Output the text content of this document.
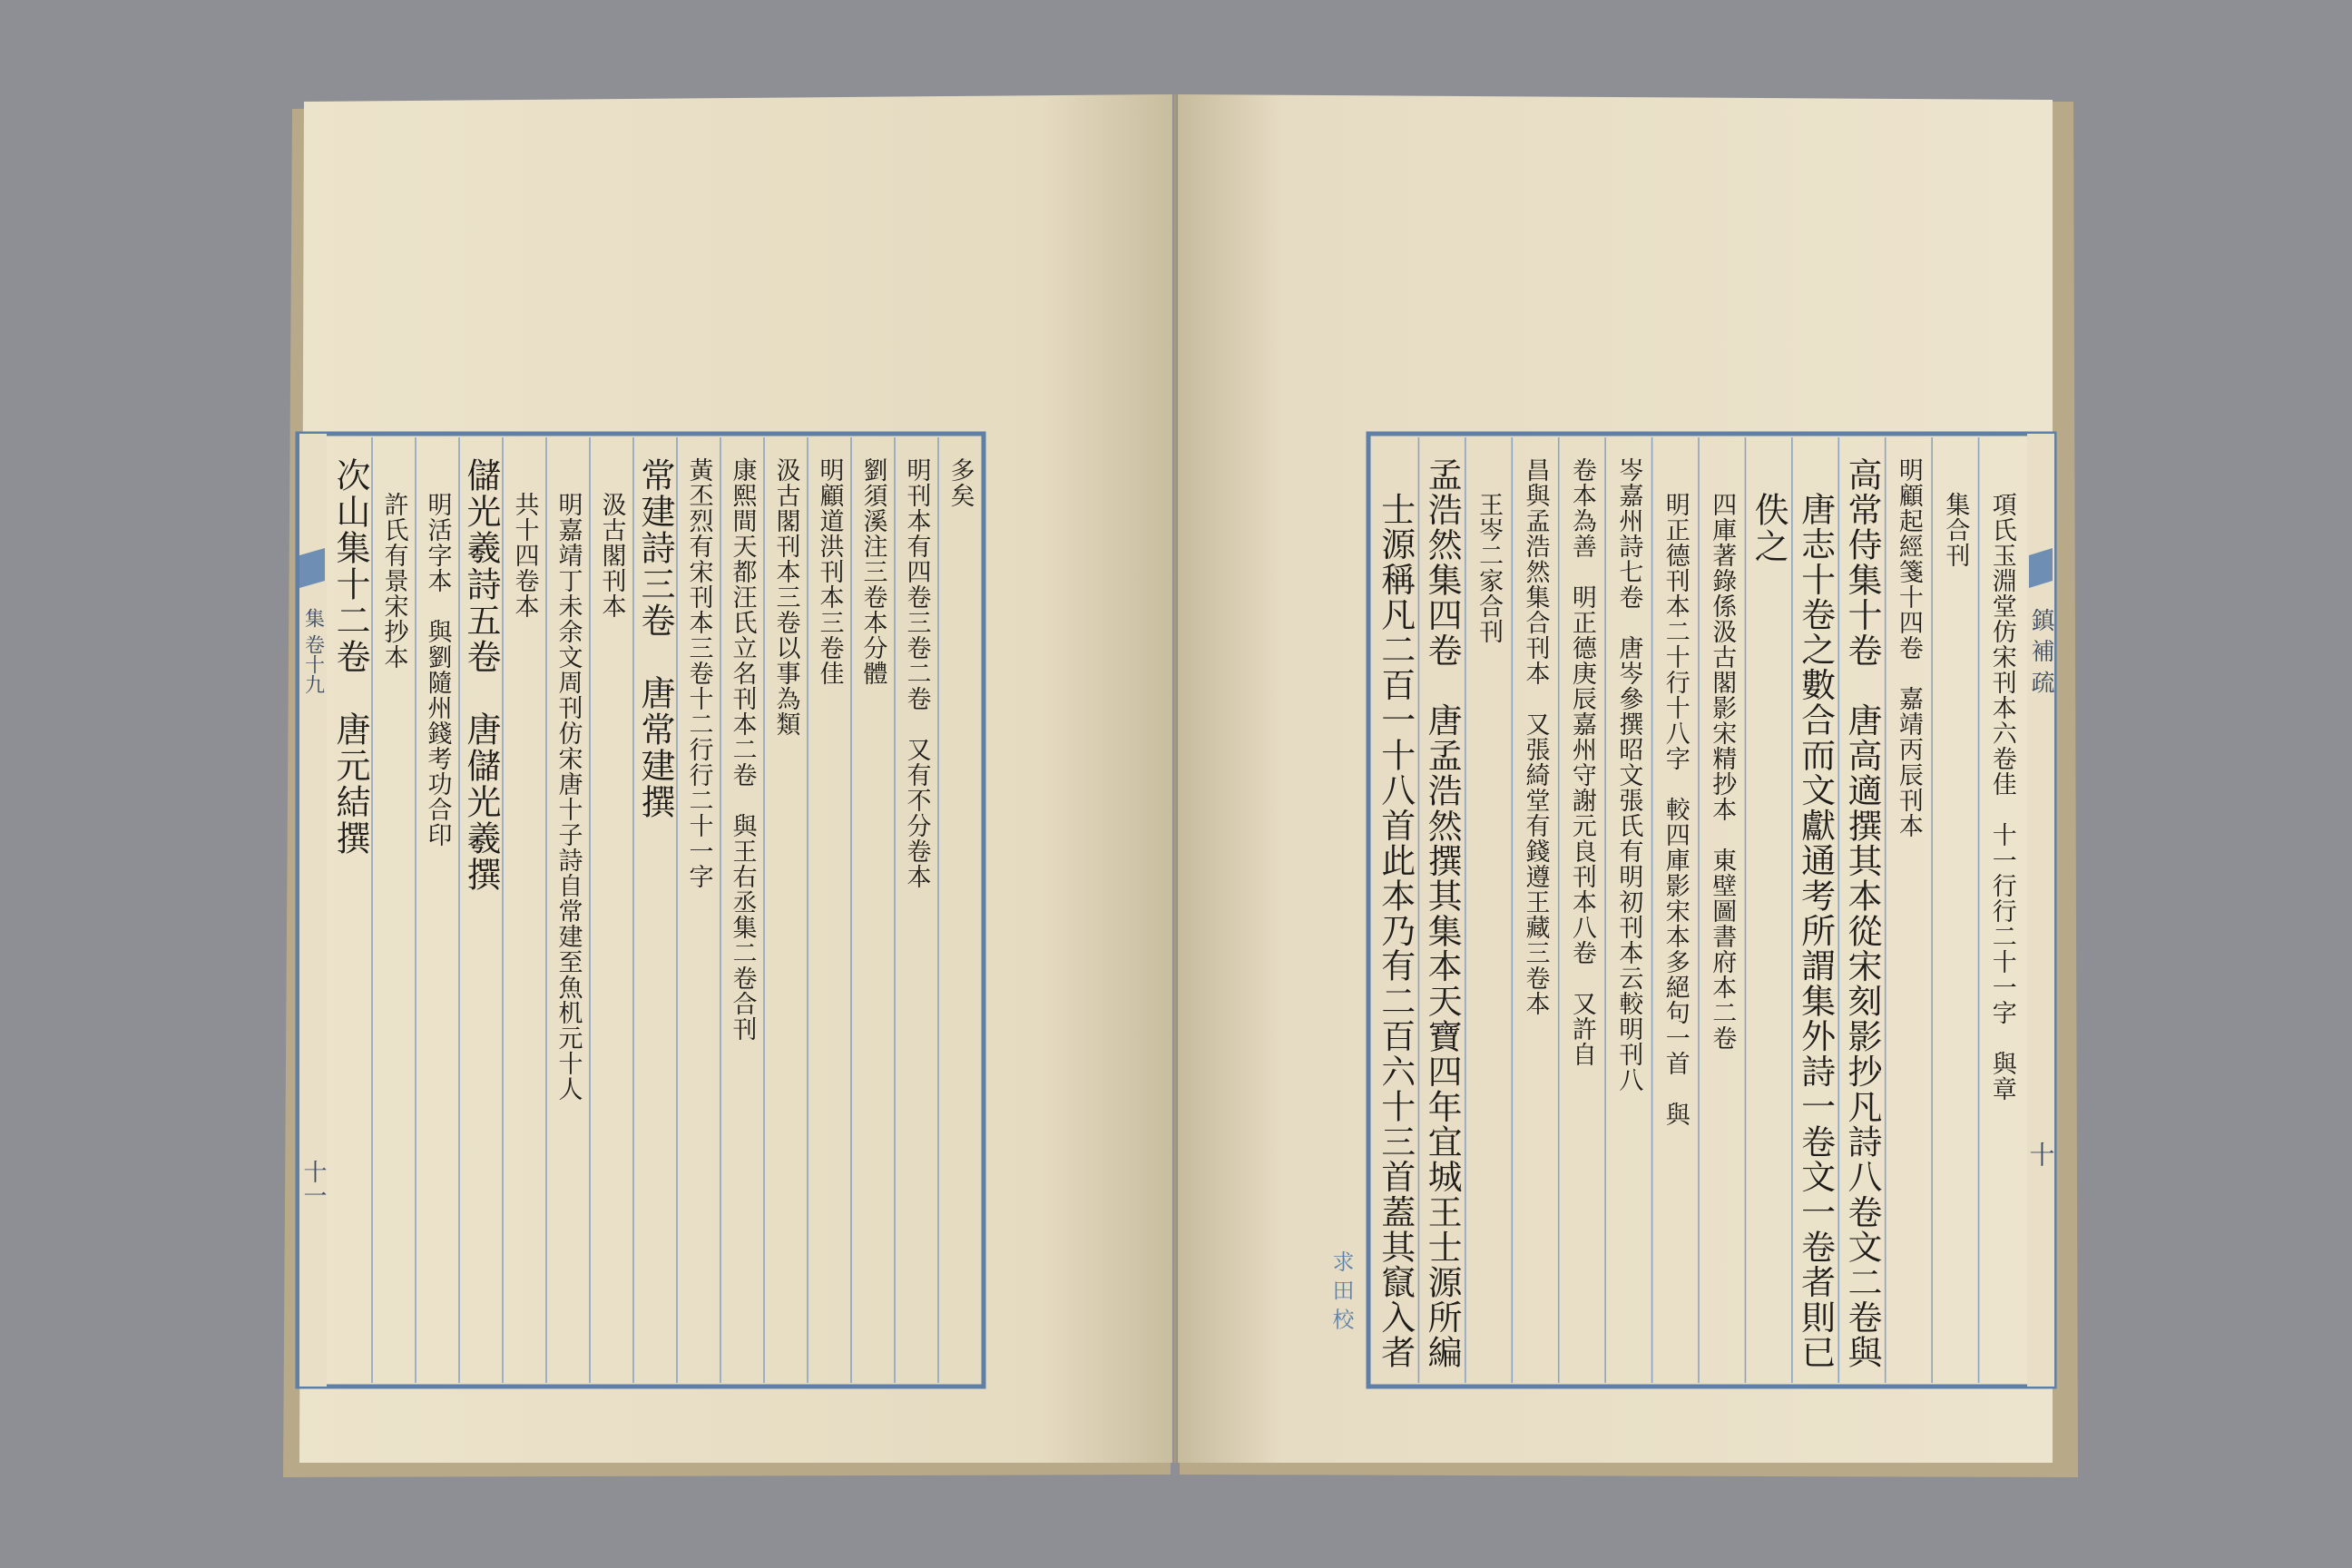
集 卷十九
十一
鎮 補 疏
十
求 田 校
多矣
明刊本有四卷三卷二卷　又有不分卷本
劉須溪注三卷本分體
明顧道洪刊本三卷佳
汲古閣刊本三卷以事為類
康熙間天都汪氏立名刊本二卷　與王右丞集二卷合刊
黃丕烈有宋刊本三卷十二行行二十一字
常建詩三卷　唐常建撰
汲古閣刊本
明嘉靖丁未余文周刊仿宋唐十子詩自常建至魚机元十人
共十四卷本
儲光羲詩五卷　唐儲光羲撰
明活字本　與劉隨州錢考功合印
許氏有景宋抄本
次山集十二卷　唐元結撰	項氏玉淵堂仿宋刊本六卷佳　十一行行二十一字　與章
集合刊
明顧起經箋十四卷　嘉靖丙辰刊本
高常侍集十卷　唐高適撰其本從宋刻影抄凡詩八卷文二卷與
唐志十卷之數合而文獻通考所謂集外詩一卷文一卷者則已
佚之
四庫著錄係汲古閣影宋精抄本　東壁圖書府本二卷
明正德刊本二十行十八字　較四庫影宋本多絕句一首　與
岑嘉州詩七卷　唐岑參撰昭文張氏有明初刊本云較明刊八
卷本為善　明正德庚辰嘉州守謝元良刊本八卷　又許自
昌與孟浩然集合刊本　又張綺堂有錢遵王藏三卷本
王岑二家合刊
孟浩然集四卷　唐孟浩然撰其集本天寶四年宜城王士源所編
士源稱凡二百一十八首此本乃有二百六十三首蓋其竄入者
